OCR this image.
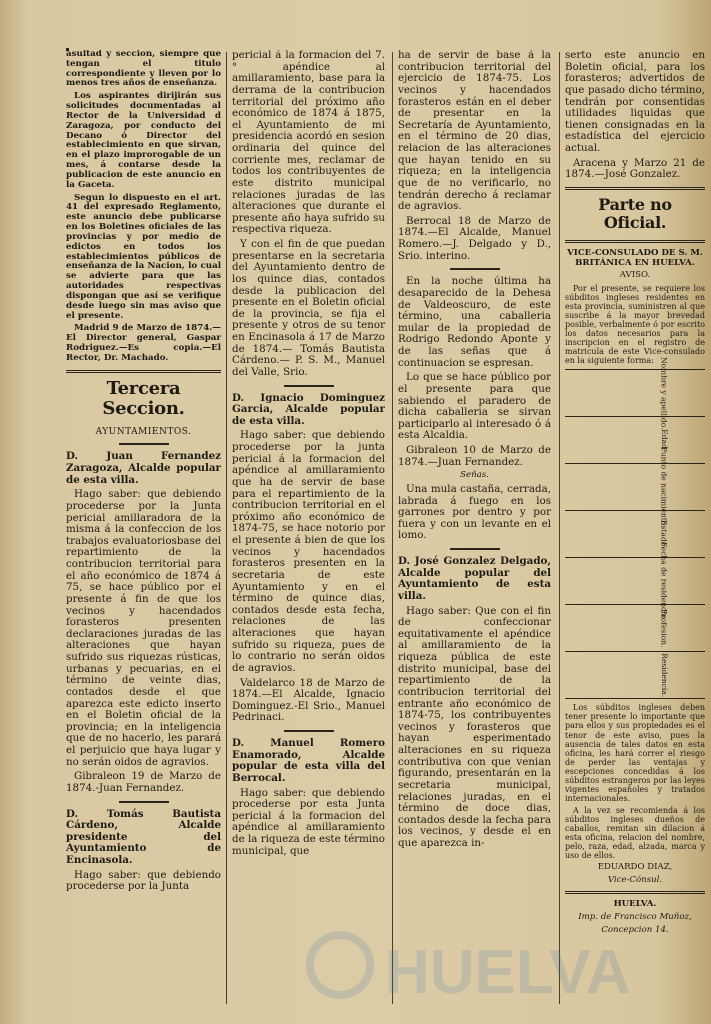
asultad y seccion, siempre que tengan el titulo correspondiente y lleven por lo menos tres años de enseñanza.

Los aspirantes dirijirán sus solicitudes documentadas al Rector de la Universidad d Zaragoza, por conducto del Decano ó Director del establecimiento en que sirvan, en el plazo improrogable de un mes, á contarse desde la publicacion de este anuncio en la Gaceta.

Segun lo dispuesto en el art. 41 del expresado Reglamento, este anuncio debe publicarse en los Boletines oficiales de las provincias y por medio de edictos en todos los establecimientos públicos de enseñanza de la Nacion, lo cual se advierte para que las autoridades respectivas dispongan que así se verifique desde luego sin mas aviso que el presente.

Madrid 9 de Marzo de 1874.—El Director general, Gaspar Rodriguez.—Es copia.—El Rector, Dr. Machado.

Tercera Seccion.
AYUNTAMIENTOS.

D. Juan Fernandez Zaragoza, Alcalde popular de esta villa.

Hago saber: que debiendo procederse por la Junta pericial amillaradora de la misma á la confeccion de los trabajos evaluatoriosbase del repartimiento de la contribucion territorial para el año económico de 1874 á 75, se hace público por el presente á fin de que los vecinos y hacendados forasteros presenten declaraciones juradas de las alteraciones que hayan sufrido sus riquezas rústicas, urbanas y pecuarias, en el término de veinte dias, contados desde el que aparezca este edicto inserto en el Boletin oficial de la provincia; en la inteligencia que de no hacerlo, les parará el perjuicio que haya lugar y no serán oidos de agravios.

Gibraleon 19 de Marzo de 1874.-Juan Fernandez.

D. Tomás Bautista Cárdeno, Alcalde presidente del Ayuntamiento de Encinasola.

Hago saber: que debiendo procederse por la Junta

pericial á la formacion del 7.° apéndice al amillaramiento, base para la derrama de la contribucion territorial del próximo año económico de 1874 á 1875, el Ayuntamiento de mi presidencia acordó en sesion ordinaria del quince del corriente mes, reclamar de todos los contribuyentes de este distrito municipal relaciones juradas de las alteraciones que durante el presente año haya sufrido su respectiva riqueza.

Y con el fin de que puedan presentarse en la secretaria del Ayuntamiento dentro de los quince dias, contados desde la publicacion del presente en el Boletin oficial de la provincia, se fija el presente y otros de su tenor en Encinasola á 17 de Marzo de 1874.— Tomás Bautista Cárdeno.— P. S. M., Manuel del Valle, Srio.

D. Ignacio Dominguez Garcia, Alcalde popular de esta villa.

Hago saber: que debiendo procederse por la junta pericial á la formacion del apéndice al amillaramiento que ha de servir de base para el repartimiento de la contribucion territorial en el próximo año económico de 1874-75, se hace notorio por el presente á bien de que los vecinos y hacendados forasteros presenten en la secretaria de este Ayuntamiento y en el término de quince dias, contados desde esta fecha, relaciones de las alteraciones que hayan sufrido su riqueza, pues de lo contrario no serán oidos de agravios.

Valdelarco 18 de Marzo de 1874.—El Alcalde, Ignacio Dominguez.-El Srio., Manuel Pedrinaci.

D. Manuel Romero Enamorado, Alcalde popular de esta villa del Berrocal.

Hago saber: que debiendo procederse por esta Junta pericial á la formacion del apéndice al amillaramiento de la riqueza de este término municipal, que

ha de servir de base á la contribucion territorial del ejercicio de 1874-75. Los vecinos y hacendados forasteros están en el deber de presentar en la Secretaría de Ayuntamiento, en el término de 20 dias, relacion de las alteraciones que hayan tenido en su riqueza; en la inteligencia que de no verificarlo, no tendrán derecho á reclamar de agravios.

Berrocal 18 de Marzo de 1874.—El Alcalde, Manuel Romero.—J. Delgado y D., Srio. interino.

En la noche última ha desaparecido de la Dehesa de Valdeoscuro, de este término, una caballeria mular de la propiedad de Rodrigo Redondo Aponte y de las señas que á continuacion se espresan.

Lo que se hace público por el presente para que sabiendo el paradero de dicha caballeria se sirvan participarlo al interesado ó á esta Alcaldia.

Gibraleon 10 de Marzo de 1874.—Juan Fernandez.

Señas.

Una mula castaña, cerrada, labrada á fuego en los garrones por dentro y por fuera y con un levante en el lomo.

D. José Gonzalez Delgado, Alcalde popular del Ayuntamiento de esta villa.

Hago saber: Que con el fin de confeccionar equitativamente el apéndice al amillaramiento de la riqueza pública de este distrito municipal, base del repartimiento de la contribucion territorial del entrante año económico de 1874-75, los contribuyentes vecinos y forasteros que hayan esperimentado alteraciones en su riqueza contributiva con que venian figurando, presentarán en la secretaria municipal, relaciones juradas, en el término de doce dias, contados desde la fecha para los vecinos, y desde el en que aparezca in-

serto este anuncio en Boletin oficial, para los forasteros; advertidos de que pasado dicho término, tendrán por consentidas utilidades liquidas que tienen consignadas en la estadística del ejercicio actual.

Aracena y Marzo 21 de 1874.—José Gonzalez.

Parte no Oficial.

VICE-CONSULADO DE S. M. BRITÁNICA EN HUELVA.

AVISO.

Por el presente, se requiere los súbditos ingleses residentes en esta provincia, suministren al que suscribe á la mayor brevedad posible, verbalmente ó por escrito los datos necesarios para la inscripcion en el registro de matricula de este Vice-consulado en la siguiente forma:

	Nombre y apellido.
	Edad.
	Punto de nacimiento.
	Estado.
	Fecha de residencia.
	Profesion.
	Residencia.

Los súbditos ingleses deben tener presente lo importante que para ellos y sus propiedades es el tenor de este aviso, pues la ausencia de tales datos en esta oficina, les hará correr el riesgo de perder las ventajas y escepciones concedidas á los súbditos estrangeros por las leyes vigentes españoles y tratados internacionales.

A la vez se recomienda á los súbditos ingleses dueños de caballos, remitan sin dilacion á esta oficina, relacion del nombre, pelo, raza, edad, alzada, marca y uso de ellos.

EDUARDO DIAZ,

Vice-Cónsul.

HUELVA.

Imp. de Francisco Muñoz,

Concepcion 14.

HUELVA
